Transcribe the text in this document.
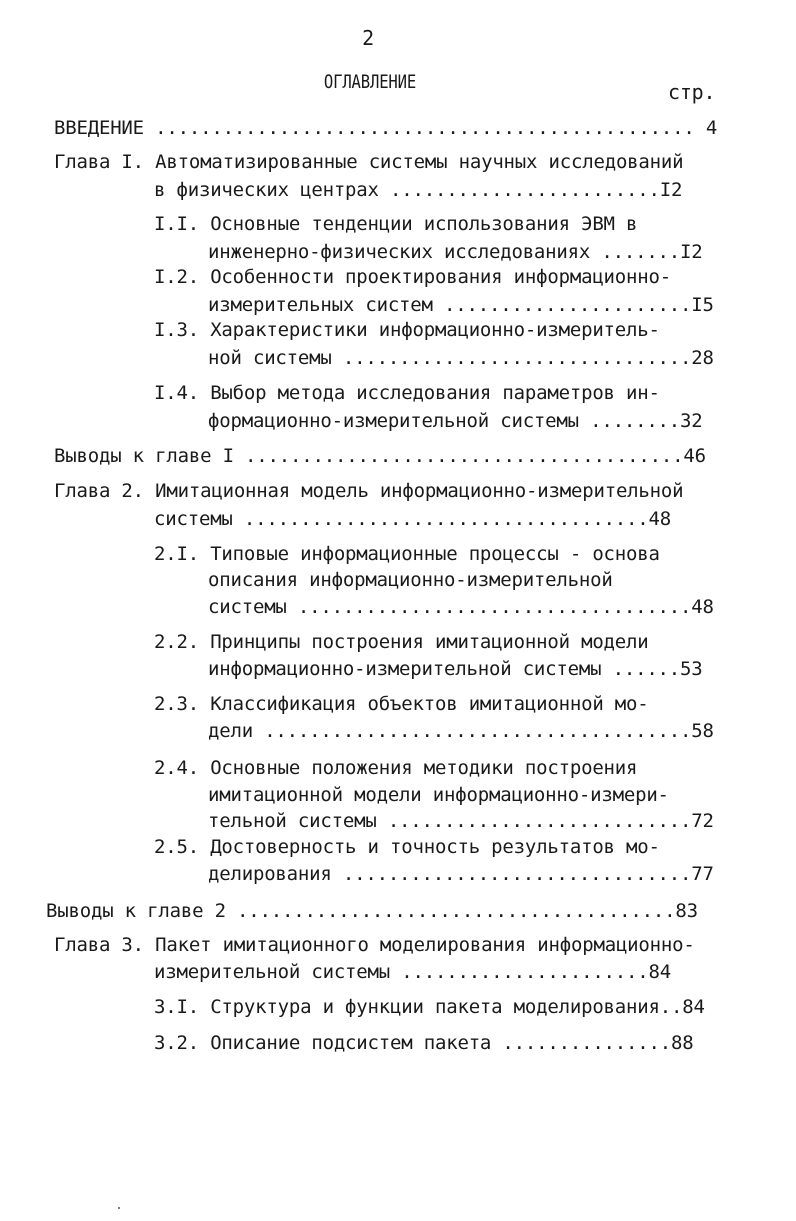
2
ОГЛАВЛЕНИЕ	стр.
ВВЕДЕНИЕ ................................................ 4
Глава I. Автоматизированные системы научных исследований
в физических центрах ........................I2
I.I. Основные тенденции использования ЭВМ в
инженерно-физических исследованиях .......I2
I.2. Особенности проектирования информационно-
измерительных систем ......................I5
I.3. Характеристики информационно-измеритель-
ной системы ...............................28
I.4. Выбор метода исследования параметров ин-
формационно-измерительной системы ........32
Выводы к главе I .......................................46
Глава 2. Имитационная модель информационно-измерительной
системы ....................................48
2.I. Типовые информационные процессы - основа
описания информационно-измерительной
системы ...................................48
2.2. Принципы построения имитационной модели
информационно-измерительной системы ......53
2.3. Классификация объектов имитационной мо-
дели ......................................58
2.4. Основные положения методики построения
имитационной модели информационно-измери-
тельной системы ...........................72
2.5. Достоверность и точность результатов мо-
делирования ...............................77
Выводы к главе 2 .......................................83
Глава 3. Пакет имитационного моделирования информационно-
измерительной системы ......................84
3.I. Структура и функции пакета моделирования..84
3.2. Описание подсистем пакета ...............88
